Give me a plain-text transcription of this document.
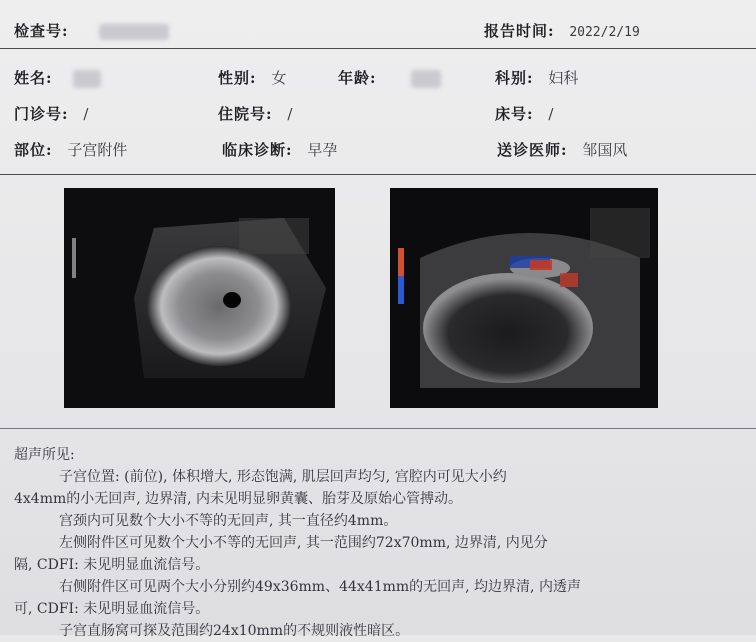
检查号:	报告时间: 2022/2/19
姓名:	性别: 女	年龄:	科别: 妇科
门诊号: /	住院号: /	床号: /
部位: 子宫附件	临床诊断: 早孕	送诊医师: 邹国风

超声所见:

子宫位置: (前位), 体积增大, 形态饱满, 肌层回声均匀, 宫腔内可见大小约

4x4mm的小无回声, 边界清, 内未见明显卵黄囊、胎芽及原始心管搏动。

宫颈内可见数个大小不等的无回声, 其一直径约4mm。

左侧附件区可见数个大小不等的无回声, 其一范围约72x70mm, 边界清, 内见分

隔, CDFI: 未见明显血流信号。

右侧附件区可见两个大小分别约49x36mm、44x41mm的无回声, 均边界清, 内透声

可, CDFI: 未见明显血流信号。

子宫直肠窝可探及范围约24x10mm的不规则液性暗区。
